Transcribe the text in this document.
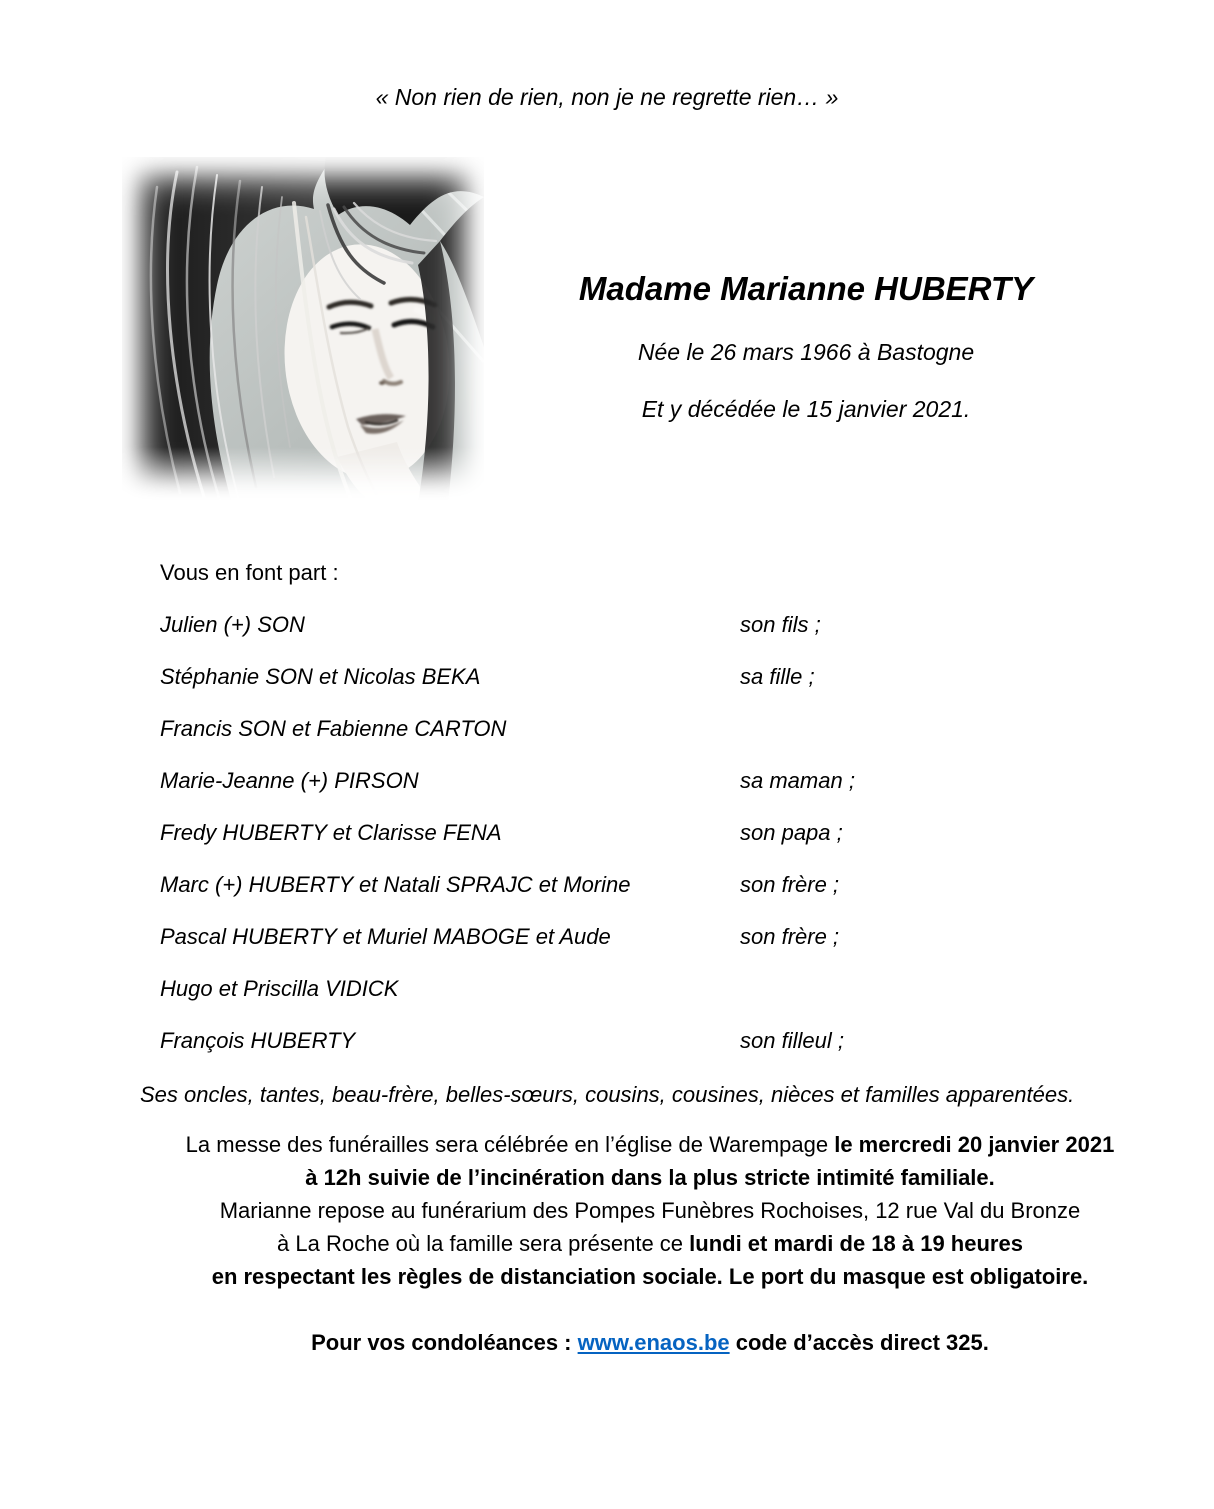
« Non rien de rien, non je ne regrette rien… »
Madame Marianne HUBERTY
Née le 26 mars 1966 à Bastogne
Et y décédée le 15 janvier 2021.
Vous en font part :
Julien (+) SON	son fils ;
Stéphanie SON et Nicolas BEKA	sa fille ;
Francis SON et Fabienne CARTON
Marie-Jeanne (+) PIRSON	sa maman ;
Fredy HUBERTY et Clarisse FENA	son papa ;
Marc (+) HUBERTY et Natali SPRAJC et Morine	son frère ;
Pascal HUBERTY et Muriel MABOGE et Aude	son frère ;
Hugo et Priscilla VIDICK
François HUBERTY	son filleul ;
Ses oncles, tantes, beau-frère, belles-sœurs, cousins, cousines, nièces et familles apparentées.
La messe des funérailles sera célébrée en l’église de Warempage le mercredi 20 janvier 2021
à 12h suivie de l’incinération dans la plus stricte intimité familiale.
Marianne repose au funérarium des Pompes Funèbres Rochoises, 12 rue Val du Bronze
à La Roche où la famille sera présente ce lundi et mardi de 18 à 19 heures
en respectant les règles de distanciation sociale. Le port du masque est obligatoire.
Pour vos condoléances : www.enaos.be code d’accès direct 325.
